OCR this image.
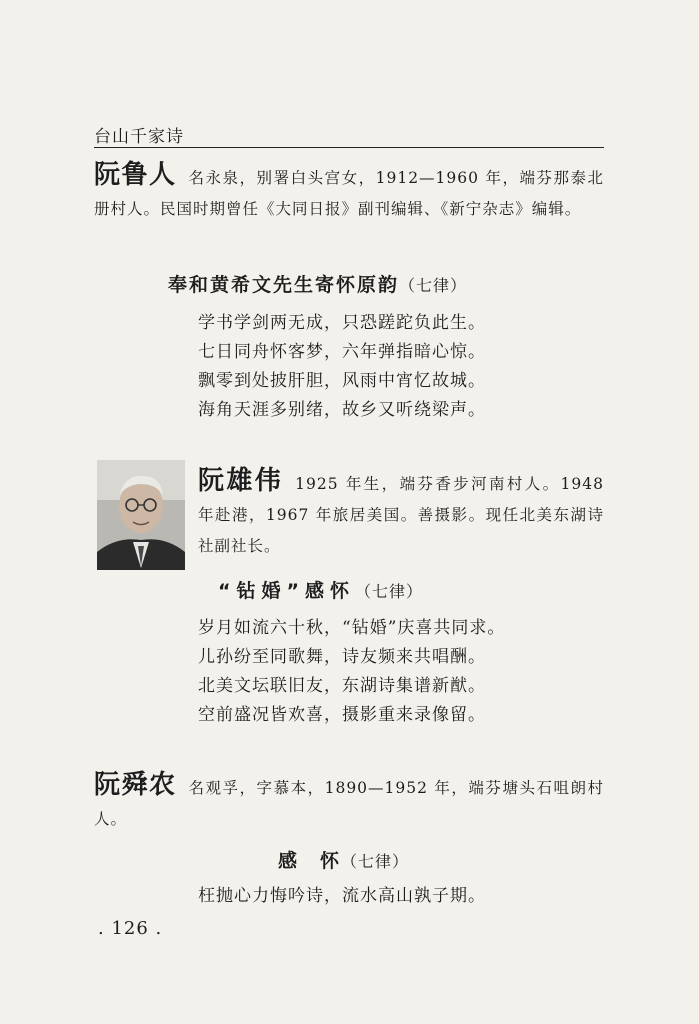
台山千家诗
阮鲁人 名永泉，别署白头宫女，1912—1960 年，端芬那泰北册村人。民国时期曾任《大同日报》副刊编辑、《新宁杂志》编辑。
奉和黄希文先生寄怀原韵（七律）
学书学剑两无成，只恐蹉跎负此生。
七日同舟怀客梦，六年弹指暗心惊。
飘零到处披肝胆，风雨中宵忆故城。
海角天涯多别绪，故乡又听绕梁声。
阮雄伟 1925 年生，端芬香步河南村人。1948 年赴港，1967 年旅居美国。善摄影。现任北美东湖诗社副社长。
“钻婚”感怀（七律）
岁月如流六十秋，“钻婚”庆喜共同求。
儿孙纷至同歌舞，诗友频来共唱酬。
北美文坛联旧友，东湖诗集谱新猷。
空前盛况皆欢喜，摄影重来录像留。
阮舜农 名观孚，字慕本，1890—1952 年，端芬塘头石咀朗村人。
感　怀（七律）
枉抛心力悔吟诗，流水高山孰子期。
. 126 .
